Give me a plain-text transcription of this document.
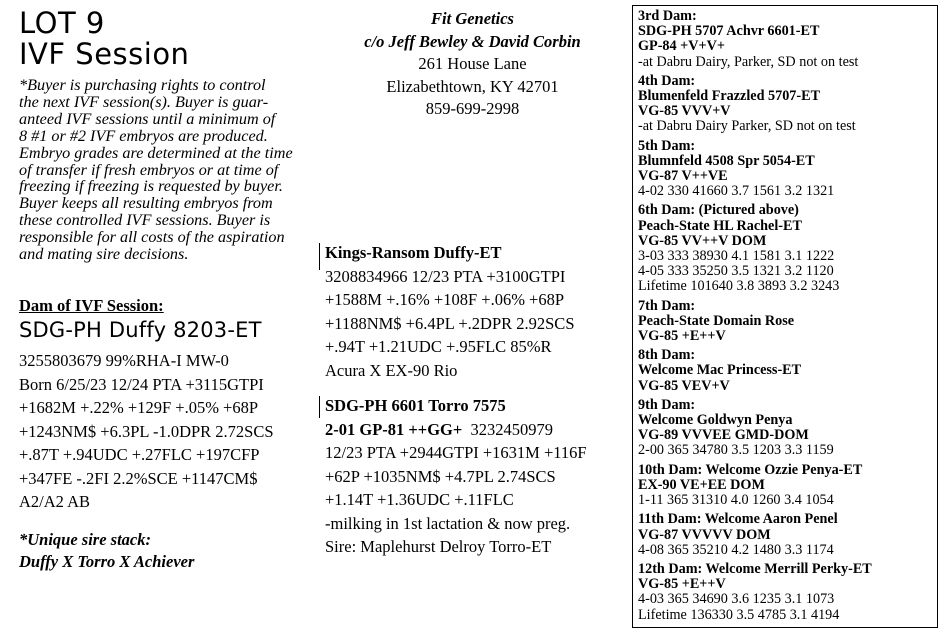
LOT 9
IVF Session
*Buyer is purchasing rights to control
the next IVF session(s). Buyer is guar-
anteed IVF sessions until a minimum of
8 #1 or #2 IVF embryos are produced.
Embryo grades are determined at the time
of transfer if fresh embryos or at time of
freezing if freezing is requested by buyer.
Buyer keeps all resulting embryos from
these controlled IVF sessions. Buyer is
responsible for all costs of the aspiration
and mating sire decisions.
Dam of IVF Session:
SDG-PH Duffy 8203-ET
3255803679 99%RHA-I MW-0
Born 6/25/23 12/24 PTA +3115GTPI
+1682M +.22% +129F +.05% +68P
+1243NM$ +6.3PL -1.0DPR 2.72SCS
+.87T +.94UDC +.27FLC +197CFP
+347FE -.2FI 2.2%SCE +1147CM$
A2/A2 AB
*Unique sire stack:
Duffy X Torro X Achiever
Fit Genetics
c/o Jeff Bewley & David Corbin
261 House Lane
Elizabethtown, KY 42701
859-699-2998
Kings-Ransom Duffy-ET
3208834966 12/23 PTA +3100GTPI
+1588M +.16% +108F +.06% +68P
+1188NM$ +6.4PL +.2DPR 2.92SCS
+.94T +1.21UDC +.95FLC 85%R
Acura X EX-90 Rio
SDG-PH 6601 Torro 7575
2-01 GP-81 ++GG+ 3232450979
12/23 PTA +2944GTPI +1631M +116F
+62P +1035NM$ +4.7PL 2.74SCS
+1.14T +1.36UDC +.11FLC
-milking in 1st lactation & now preg.
Sire: Maplehurst Delroy Torro-ET
3rd Dam:
SDG-PH 5707 Achvr 6601-ET
GP-84 +V+V+
-at Dabru Dairy, Parker, SD not on test
4th Dam:
Blumenfeld Frazzled 5707-ET
VG-85 VVV+V
-at Dabru Dairy Parker, SD not on test
5th Dam:
Blumnfeld 4508 Spr 5054-ET
VG-87 V++VE
4-02 330 41660 3.7 1561 3.2 1321
6th Dam: (Pictured above)
Peach-State HL Rachel-ET
VG-85 VV++V DOM
3-03 333 38930 4.1 1581 3.1 1222
4-05 333 35250 3.5 1321 3.2 1120
Lifetime 101640 3.8 3893 3.2 3243
7th Dam:
Peach-State Domain Rose
VG-85 +E++V
8th Dam:
Welcome Mac Princess-ET
VG-85 VEV+V
9th Dam:
Welcome Goldwyn Penya
VG-89 VVVEE GMD-DOM
2-00 365 34780 3.5 1203 3.3 1159
10th Dam: Welcome Ozzie Penya-ET
EX-90 VE+EE DOM
1-11 365 31310 4.0 1260 3.4 1054
11th Dam: Welcome Aaron Penel
VG-87 VVVVV DOM
4-08 365 35210 4.2 1480 3.3 1174
12th Dam: Welcome Merrill Perky-ET
VG-85 +E++V
4-03 365 34690 3.6 1235 3.1 1073
Lifetime 136330 3.5 4785 3.1 4194
